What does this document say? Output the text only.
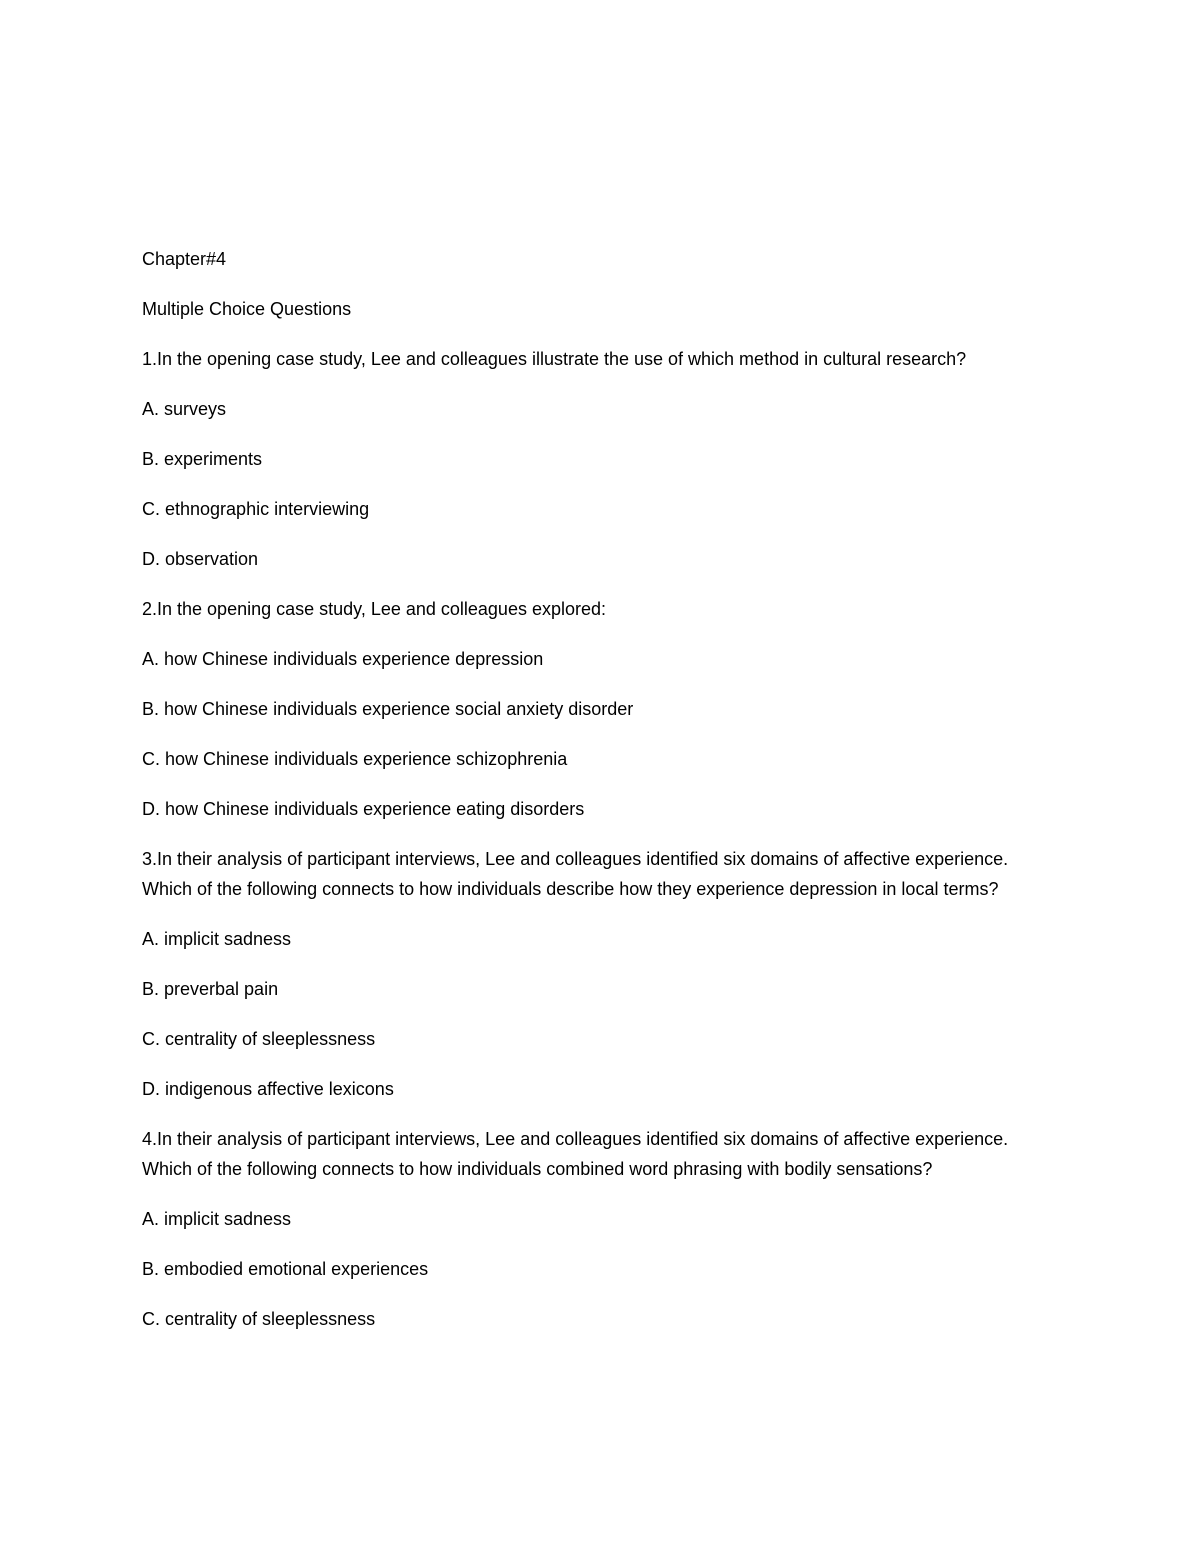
Chapter#4

Multiple Choice Questions

1.In the opening case study, Lee and colleagues illustrate the use of which method in cultural research?

A. surveys

B. experiments

C. ethnographic interviewing

D. observation

2.In the opening case study, Lee and colleagues explored:

A. how Chinese individuals experience depression

B. how Chinese individuals experience social anxiety disorder

C. how Chinese individuals experience schizophrenia

D. how Chinese individuals experience eating disorders

3.In their analysis of participant interviews, Lee and colleagues identified six domains of affective experience. Which of the following connects to how individuals describe how they experience depression in local terms?

A. implicit sadness

B. preverbal pain

C. centrality of sleeplessness

D. indigenous affective lexicons

4.In their analysis of participant interviews, Lee and colleagues identified six domains of affective experience. Which of the following connects to how individuals combined word phrasing with bodily sensations?

A. implicit sadness

B. embodied emotional experiences

C. centrality of sleeplessness
